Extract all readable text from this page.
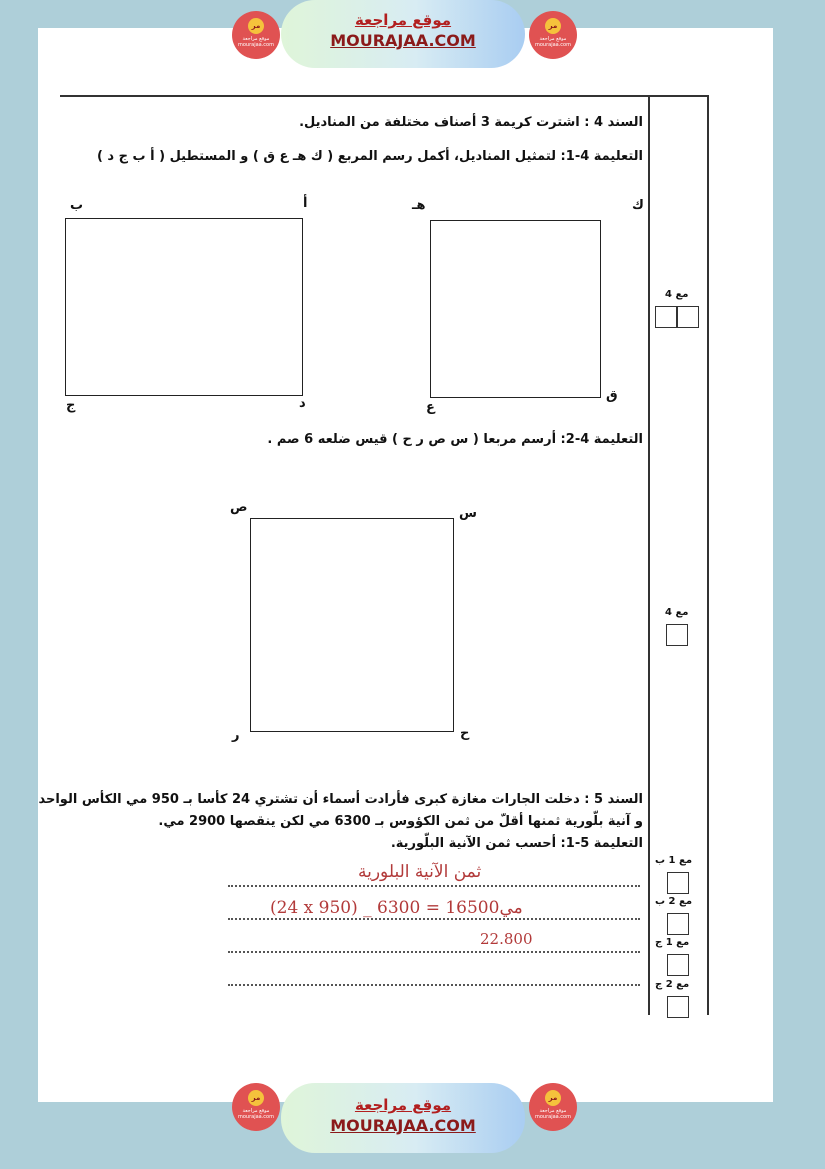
مر
موقع مراجعة
mourajaa.com
موقع مراجعة
MOURAJAA.COM
مر
موقع مراجعة
mourajaa.com
السند 4 : اشترت كريمة 3 أصناف مختلفة من المناديل.
التعليمة 4-1: لتمثيل المناديل، أكمل رسم المربع ( ك هـ ع ق ) و المستطيل ( أ ب ج د )
ب	أ
ج	د
هـ	ك
ع
ق
التعليمة 4-2: أرسم مربعا ( س ص ر ح ) قيس ضلعه 6 صم .
ص	س
ر	ح
السند 5 : دخلت الجارات مغازة كبرى فأرادت أسماء أن تشتري 24 كأسا بـ 950 مي الكأس الواحد
و آنية بلّورية ثمنها أقلّ من ثمن الكؤوس بـ 6300 مي لكن ينقصها 2900 مي.
التعليمة 5-1: أحسب ثمن الآنية البلّورية.
ثمن الآنية البلورية
(24 x 950) _ 6300 = 16500مي
22.800
مع 4
مع 4
مع 1 ب
مع 2 ب
مع 1 ج
مع 2 ج
مر
موقع مراجعة
mourajaa.com
موقع مراجعة
MOURAJAA.COM
مر
موقع مراجعة
mourajaa.com
